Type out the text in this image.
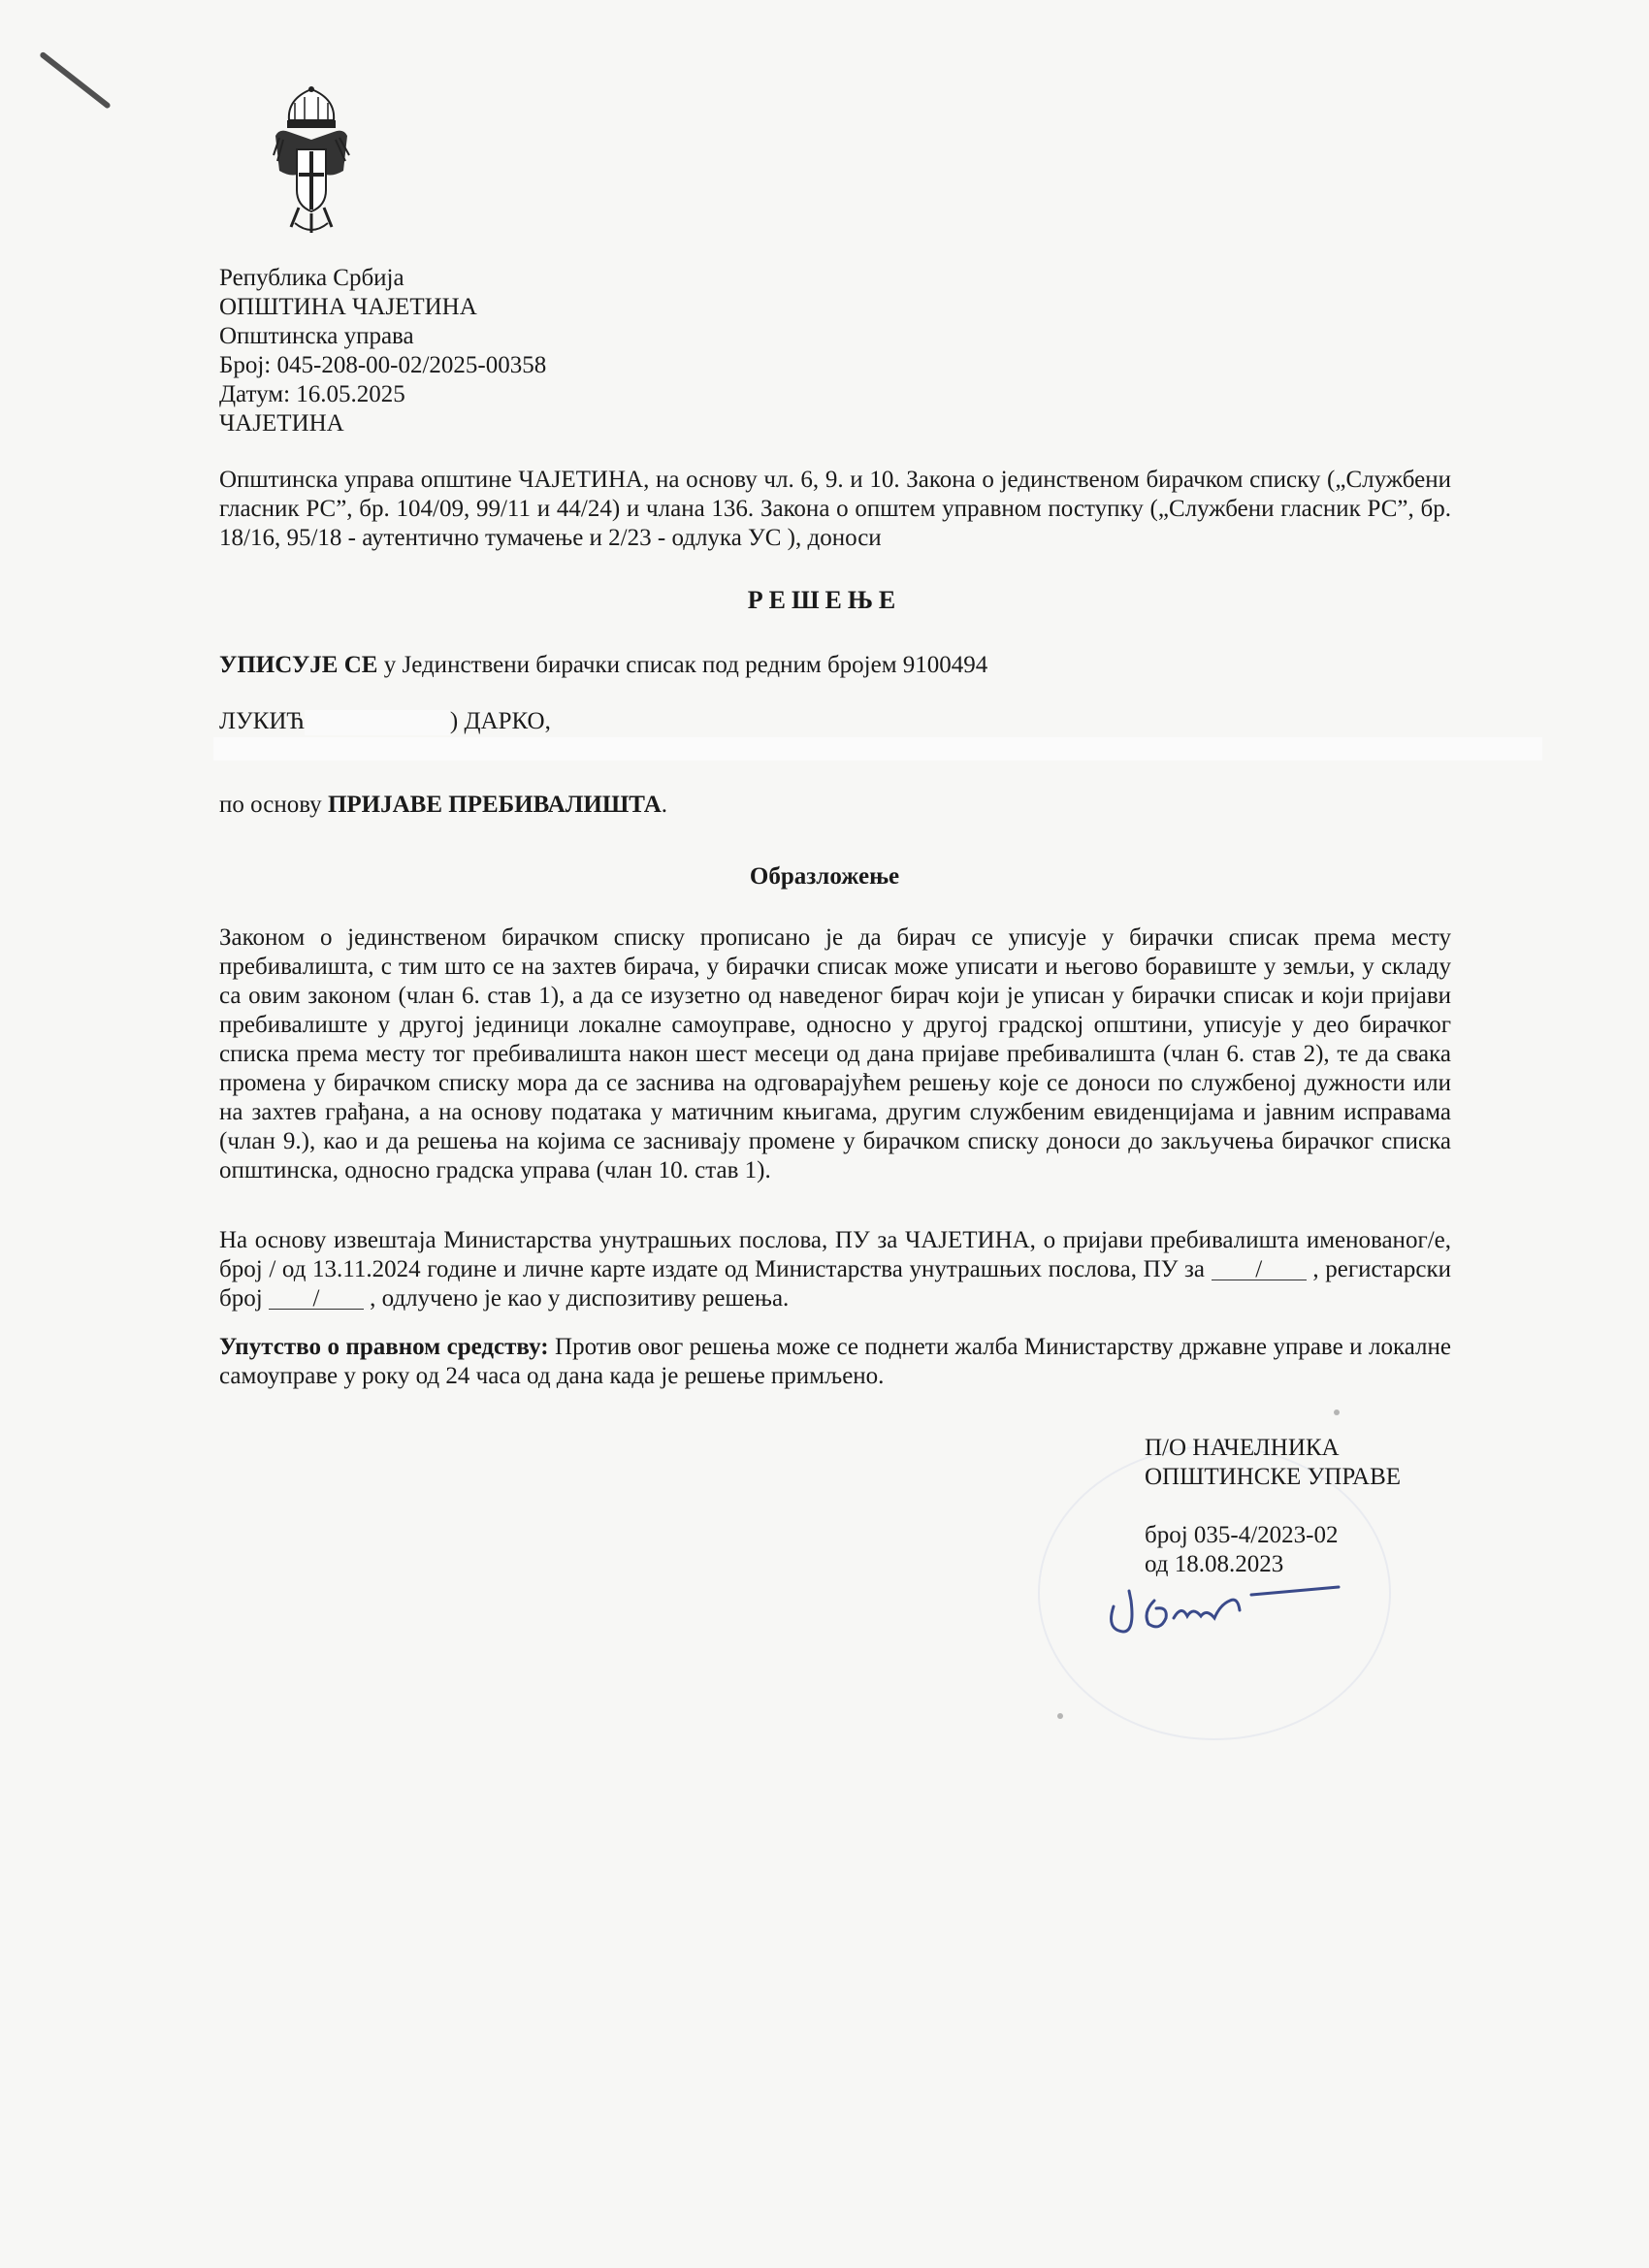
Република Србија
ОПШТИНА ЧАЈЕТИНА
Општинска управа
Број: 045-208-00-02/2025-00358
Датум: 16.05.2025
ЧАЈЕТИНА
Општинска управа општине ЧАЈЕТИНА, на основу чл. 6, 9. и 10. Закона о јединственом бирачком списку („Службени гласник РС”, бр. 104/09, 99/11 и 44/24) и члана 136. Закона о општем управном поступку („Службени гласник РС”, бр. 18/16, 95/18 - аутентично тумачење и 2/23 - одлука УС ), доноси
РЕШЕЊЕ
УПИСУЈЕ СЕ у Јединствени бирачки списак под редним бројем 9100494
ЛУКИЋ	) ДАРКО,
по основу ПРИЈАВЕ ПРЕБИВАЛИШТА.
Образложење
Законом о јединственом бирачком списку прописано је да бирач се уписује у бирачки списак према месту пребивалишта, с тим што се на захтев бирача, у бирачки списак може уписати и његово боравиште у земљи, у складу са овим законом (члан 6. став 1), а да се изузетно од наведеног бирач који је уписан у бирачки списак и који пријави пребивалиште у другој јединици локалне самоуправе, односно у другој градској општини, уписује у део бирачког списка према месту тог пребивалишта након шест месеци од дана пријаве пребивалишта (члан 6. став 2), те да свака промена у бирачком списку мора да се заснива на одговарајућем решењу које се доноси по службеној дужности или на захтев грађана, а на основу података у матичним књигама, другим службеним евиденцијама и јавним исправама (члан 9.), као и да решења на којима се заснивају промене у бирачком списку доноси до закључења бирачког списка општинска, односно градска управа (члан 10. став 1).
На основу извештаја Министарства унутрашњих послова, ПУ за ЧАЈЕТИНА, о пријави пребивалишта именованог/е, број / од 13.11.2024 године и личне карте издате од Министарства унутрашњих послова, ПУ за / , регистарски број / , одлучено је као у диспозитиву решења.
Упутство о правном средству: Против овог решења може се поднети жалба Министарству државне управе и локалне самоуправе у року од 24 часа од дана када је решење примљено.
П/О НАЧЕЛНИКА
ОПШТИНСКЕ УПРАВЕ
број 035-4/2023-02
од 18.08.2023
